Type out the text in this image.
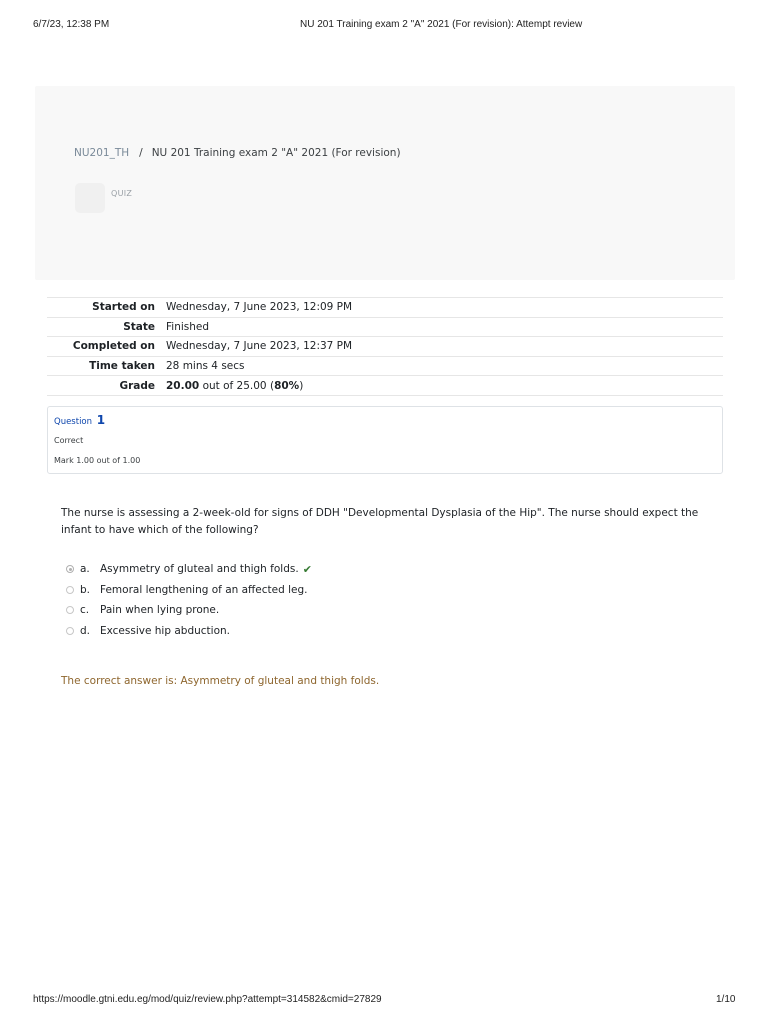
6/7/23, 12:38 PM	NU 201 Training exam 2 "A" 2021 (For revision): Attempt review
NU201_TH / NU 201 Training exam 2 "A" 2021 (For revision)
QUIZ
Started on	Wednesday, 7 June 2023, 12:09 PM
State	Finished
Completed on	Wednesday, 7 June 2023, 12:37 PM
Time taken	28 mins 4 secs
Grade	20.00 out of 25.00 (80%)
Question 1
Correct
Mark 1.00 out of 1.00
The nurse is assessing a 2-week-old for signs of DDH "Developmental Dysplasia of the Hip". The nurse should expect the infant to have which of the following?
a. Asymmetry of gluteal and thigh folds. ✔
b. Femoral lengthening of an affected leg.
c.	Pain when lying prone.
d. Excessive hip abduction.
The correct answer is: Asymmetry of gluteal and thigh folds.
https://moodle.gtni.edu.eg/mod/quiz/review.php?attempt=314582&cmid=27829	1/10
